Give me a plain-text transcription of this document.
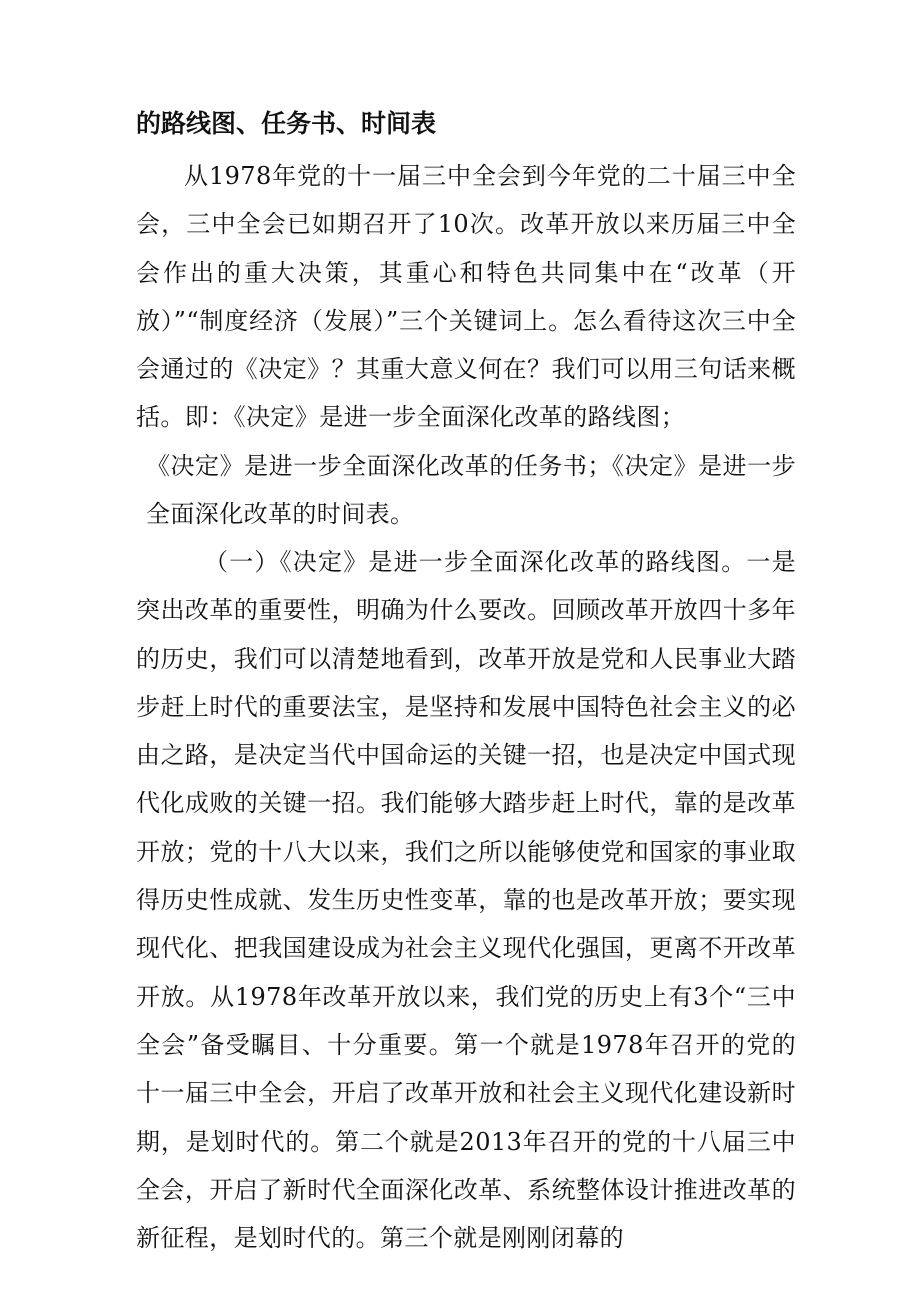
的路线图、任务书、时间表

从1978年党的十一届三中全会到今年党的二十届三中全会，三中全会已如期召开了10次。改革开放以来历届三中全会作出的重大决策，其重心和特色共同集中在“改革（开放）”“制度经济（发展）”三个关键词上。怎么看待这次三中全会通过的《决定》？其重大意义何在？我们可以用三句话来概括。即：《决定》是进一步全面深化改革的路线图；

《决定》是进一步全面深化改革的任务书；《决定》是进一步全面深化改革的时间表。

（一）《决定》是进一步全面深化改革的路线图。一是突出改革的重要性，明确为什么要改。回顾改革开放四十多年的历史，我们可以清楚地看到，改革开放是党和人民事业大踏步赶上时代的重要法宝，是坚持和发展中国特色社会主义的必由之路，是决定当代中国命运的关键一招，也是决定中国式现代化成败的关键一招。我们能够大踏步赶上时代，靠的是改革开放；党的十八大以来，我们之所以能够使党和国家的事业取得历史性成就、发生历史性变革，靠的也是改革开放；要实现现代化、把我国建设成为社会主义现代化强国，更离不开改革开放。从1978年改革开放以来，我们党的历史上有3个“三中全会”备受瞩目、十分重要。第一个就是1978年召开的党的十一届三中全会，开启了改革开放和社会主义现代化建设新时期，是划时代的。第二个就是2013年召开的党的十八届三中全会，开启了新时代全面深化改革、系统整体设计推进改革的新征程，是划时代的。第三个就是刚刚闭幕的
